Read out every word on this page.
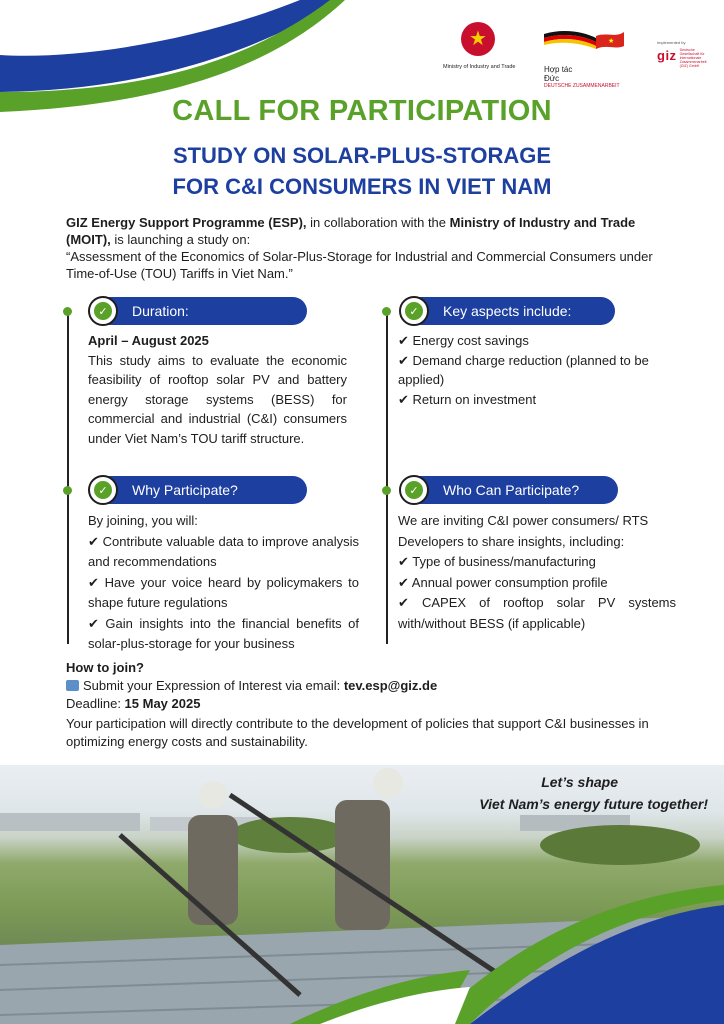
★
Ministry of Industry and Trade
★
Hợp tác
Đức
DEUTSCHE ZUSAMMENARBEIT
Implemented by
giz Deutsche Gesellschaft für Internationale Zusammenarbeit (GIZ) GmbH
CALL FOR PARTICIPATION
STUDY ON SOLAR-PLUS-STORAGE
FOR C&I CONSUMERS IN VIET NAM
GIZ Energy Support Programme (ESP), in collaboration with the Ministry of Industry and Trade (MOIT), is launching a study on:
“Assessment of the Economics of Solar-Plus-Storage for Industrial and Commercial Consumers under Time-of-Use (TOU) Tariffs in Viet Nam.”
✓	Duration:
April – August 2025
This study aims to evaluate the economic feasibility of rooftop solar PV and battery energy storage systems (BESS) for commercial and industrial (C&I) consumers under Viet Nam’s TOU tariff structure.
✓	Key aspects include:
✔ Energy cost savings
✔ Demand charge reduction (planned to be applied)
✔ Return on investment
✓	Why Participate?
By joining, you will:
✔ Contribute valuable data to improve analysis and recommendations
✔ Have your voice heard by policymakers to shape future regulations
✔ Gain insights into the financial benefits of solar-plus-storage for your business
✓	Who Can Participate?
We are inviting C&I power consumers/ RTS Developers to share insights, including:
✔ Type of business/manufacturing
✔ Annual power consumption profile
✔ CAPEX of rooftop solar PV systems with/without BESS (if applicable)
How to join?
Submit your Expression of Interest via email: tev.esp@giz.de
Deadline: 15 May 2025
Your participation will directly contribute to the development of policies that support C&I businesses in optimizing energy costs and sustainability.
Let’s shape
Viet Nam’s energy future together!
